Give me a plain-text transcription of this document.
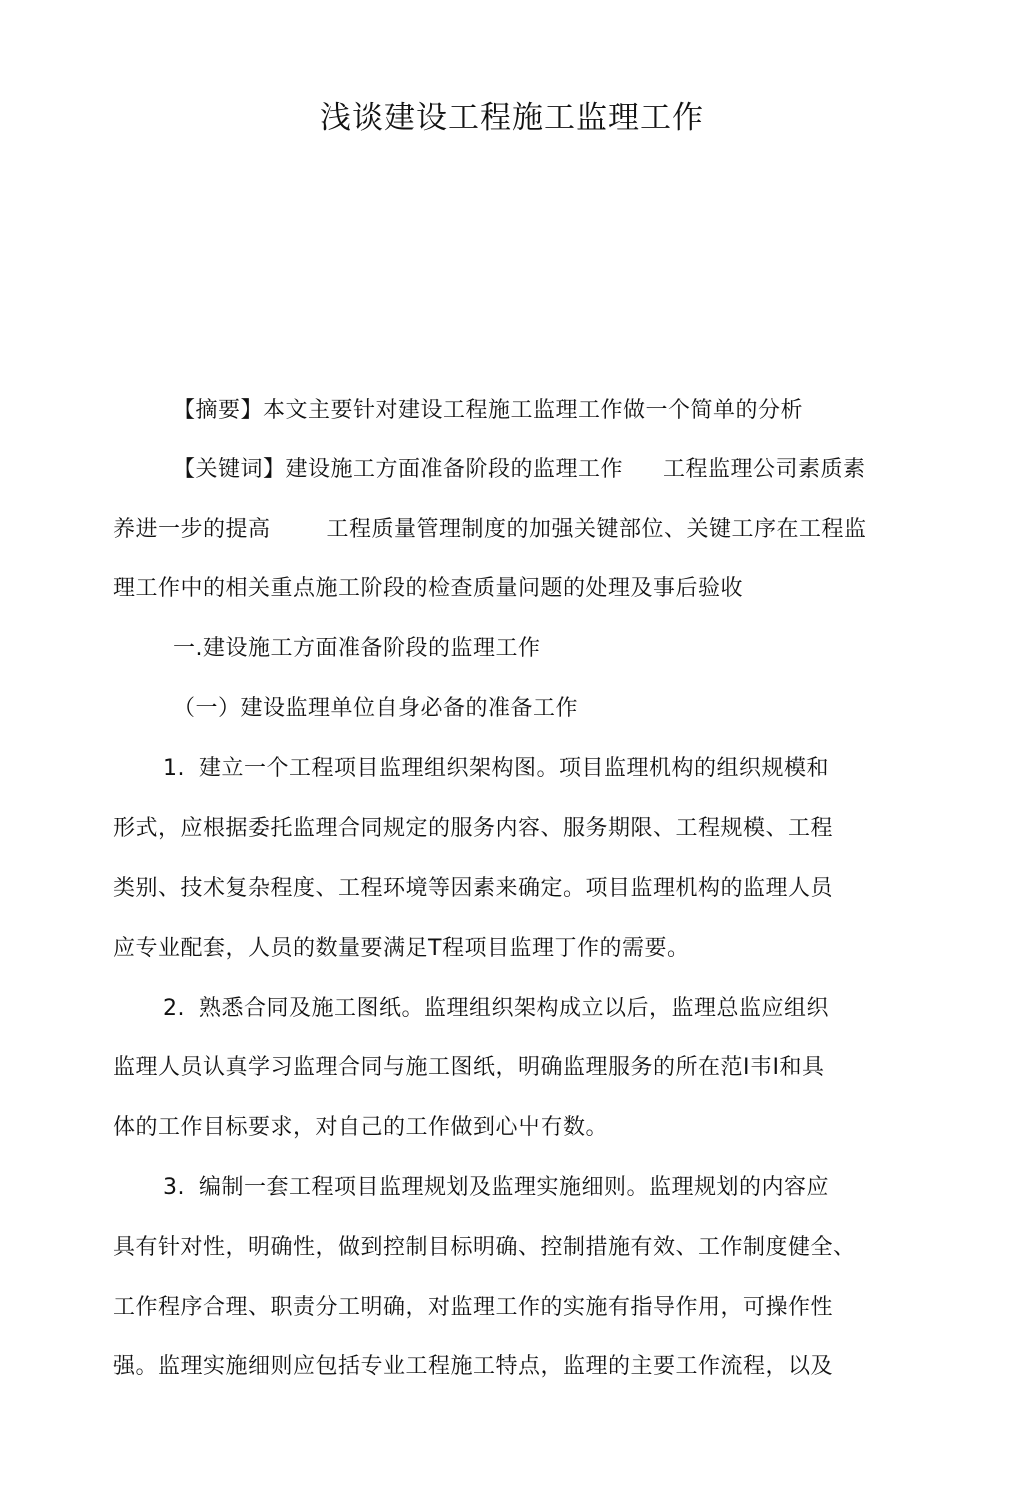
浅谈建设工程施工监理工作
【摘要】本文主要针对建设工程施工监理工作做一个简单的分析
【关键词】建设施工方面准备阶段的监理工作 工程监理公司素质素
养进一步的提高	工程质量管理制度的加强关键部位、关键工序在工程监
理工作中的相关重点施工阶段的检查质量问题的处理及事后验收
一.建设施工方面准备阶段的监理工作
（一）建设监理单位自身必备的准备工作
1. 建立一个工程项目监理组织架构图。项目监理机构的组织规模和
形式，应根据委托监理合同规定的服务内容、服务期限、工程规模、工程
类别、技术复杂程度、工程环境等因素来确定。项目监理机构的监理人员
应专业配套，人员的数量要满足T程项目监理丁作的需要。
2. 熟悉合同及施工图纸。监理组织架构成立以后，监理总监应组织
监理人员认真学习监理合同与施工图纸，明确监理服务的所在范I韦I和具
体的工作目标要求，对自己的工作做到心屮冇数。
3. 编制一套工程项目监理规划及监理实施细则。监理规划的内容应
具有针对性，明确性，做到控制目标明确、控制措施有效、工作制度健全、
工作程序合理、职责分工明确，对监理工作的实施有指导作用，可操作性
强。监理实施细则应包括专业工程施工特点，监理的主要工作流程，以及
